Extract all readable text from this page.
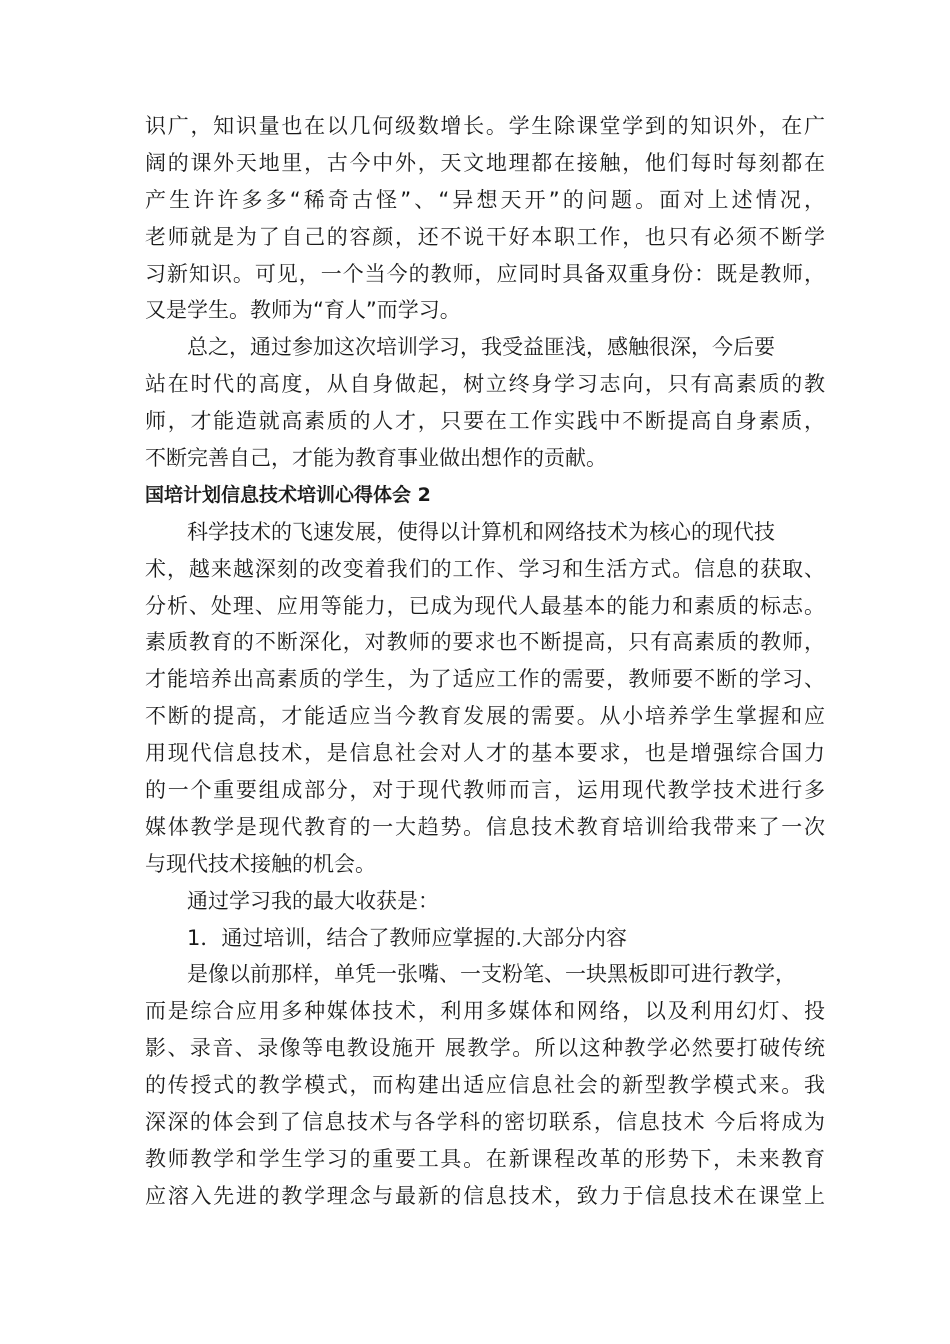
识广，知识量也在以几何级数增长。学生除课堂学到的知识外，在广
阔的课外天地里，古今中外，天文地理都在接触，他们每时每刻都在
产生许许多多“稀奇古怪”、“异想天开”的问题。面对上述情况，
老师就是为了自己的容颜，还不说干好本职工作，也只有必须不断学
习新知识。可见，一个当今的教师，应同时具备双重身份：既是教师，
又是学生。教师为“育人”而学习。
总之，通过参加这次培训学习，我受益匪浅，感触很深，今后要
站在时代的高度，从自身做起，树立终身学习志向，只有高素质的教
师，才能造就高素质的人才，只要在工作实践中不断提高自身素质，
不断完善自己，才能为教育事业做出想作的贡献。
国培计划信息技术培训心得体会 2
科学技术的飞速发展，使得以计算机和网络技术为核心的现代技
术，越来越深刻的改变着我们的工作、学习和生活方式。信息的获取、
分析、处理、应用等能力，已成为现代人最基本的能力和素质的标志。
素质教育的不断深化，对教师的要求也不断提高，只有高素质的教师，
才能培养出高素质的学生，为了适应工作的需要，教师要不断的学习、
不断的提高，才能适应当今教育发展的需要。从小培养学生掌握和应
用现代信息技术，是信息社会对人才的基本要求，也是增强综合国力
的一个重要组成部分，对于现代教师而言，运用现代教学技术进行多
媒体教学是现代教育的一大趋势。信息技术教育培训给我带来了一次
与现代技术接触的机会。
通过学习我的最大收获是：
1．通过培训，结合了教师应掌握的.大部分内容
是像以前那样，单凭一张嘴、一支粉笔、一块黑板即可进行教学，
而是综合应用多种媒体技术，利用多媒体和网络，以及利用幻灯、投
影、录音、录像等电教设施开 展教学。所以这种教学必然要打破传统
的传授式的教学模式，而构建出适应信息社会的新型教学模式来。我
深深的体会到了信息技术与各学科的密切联系，信息技术 今后将成为
教师教学和学生学习的重要工具。在新课程改革的形势下，未来教育
应溶入先进的教学理念与最新的信息技术，致力于信息技术在课堂上
